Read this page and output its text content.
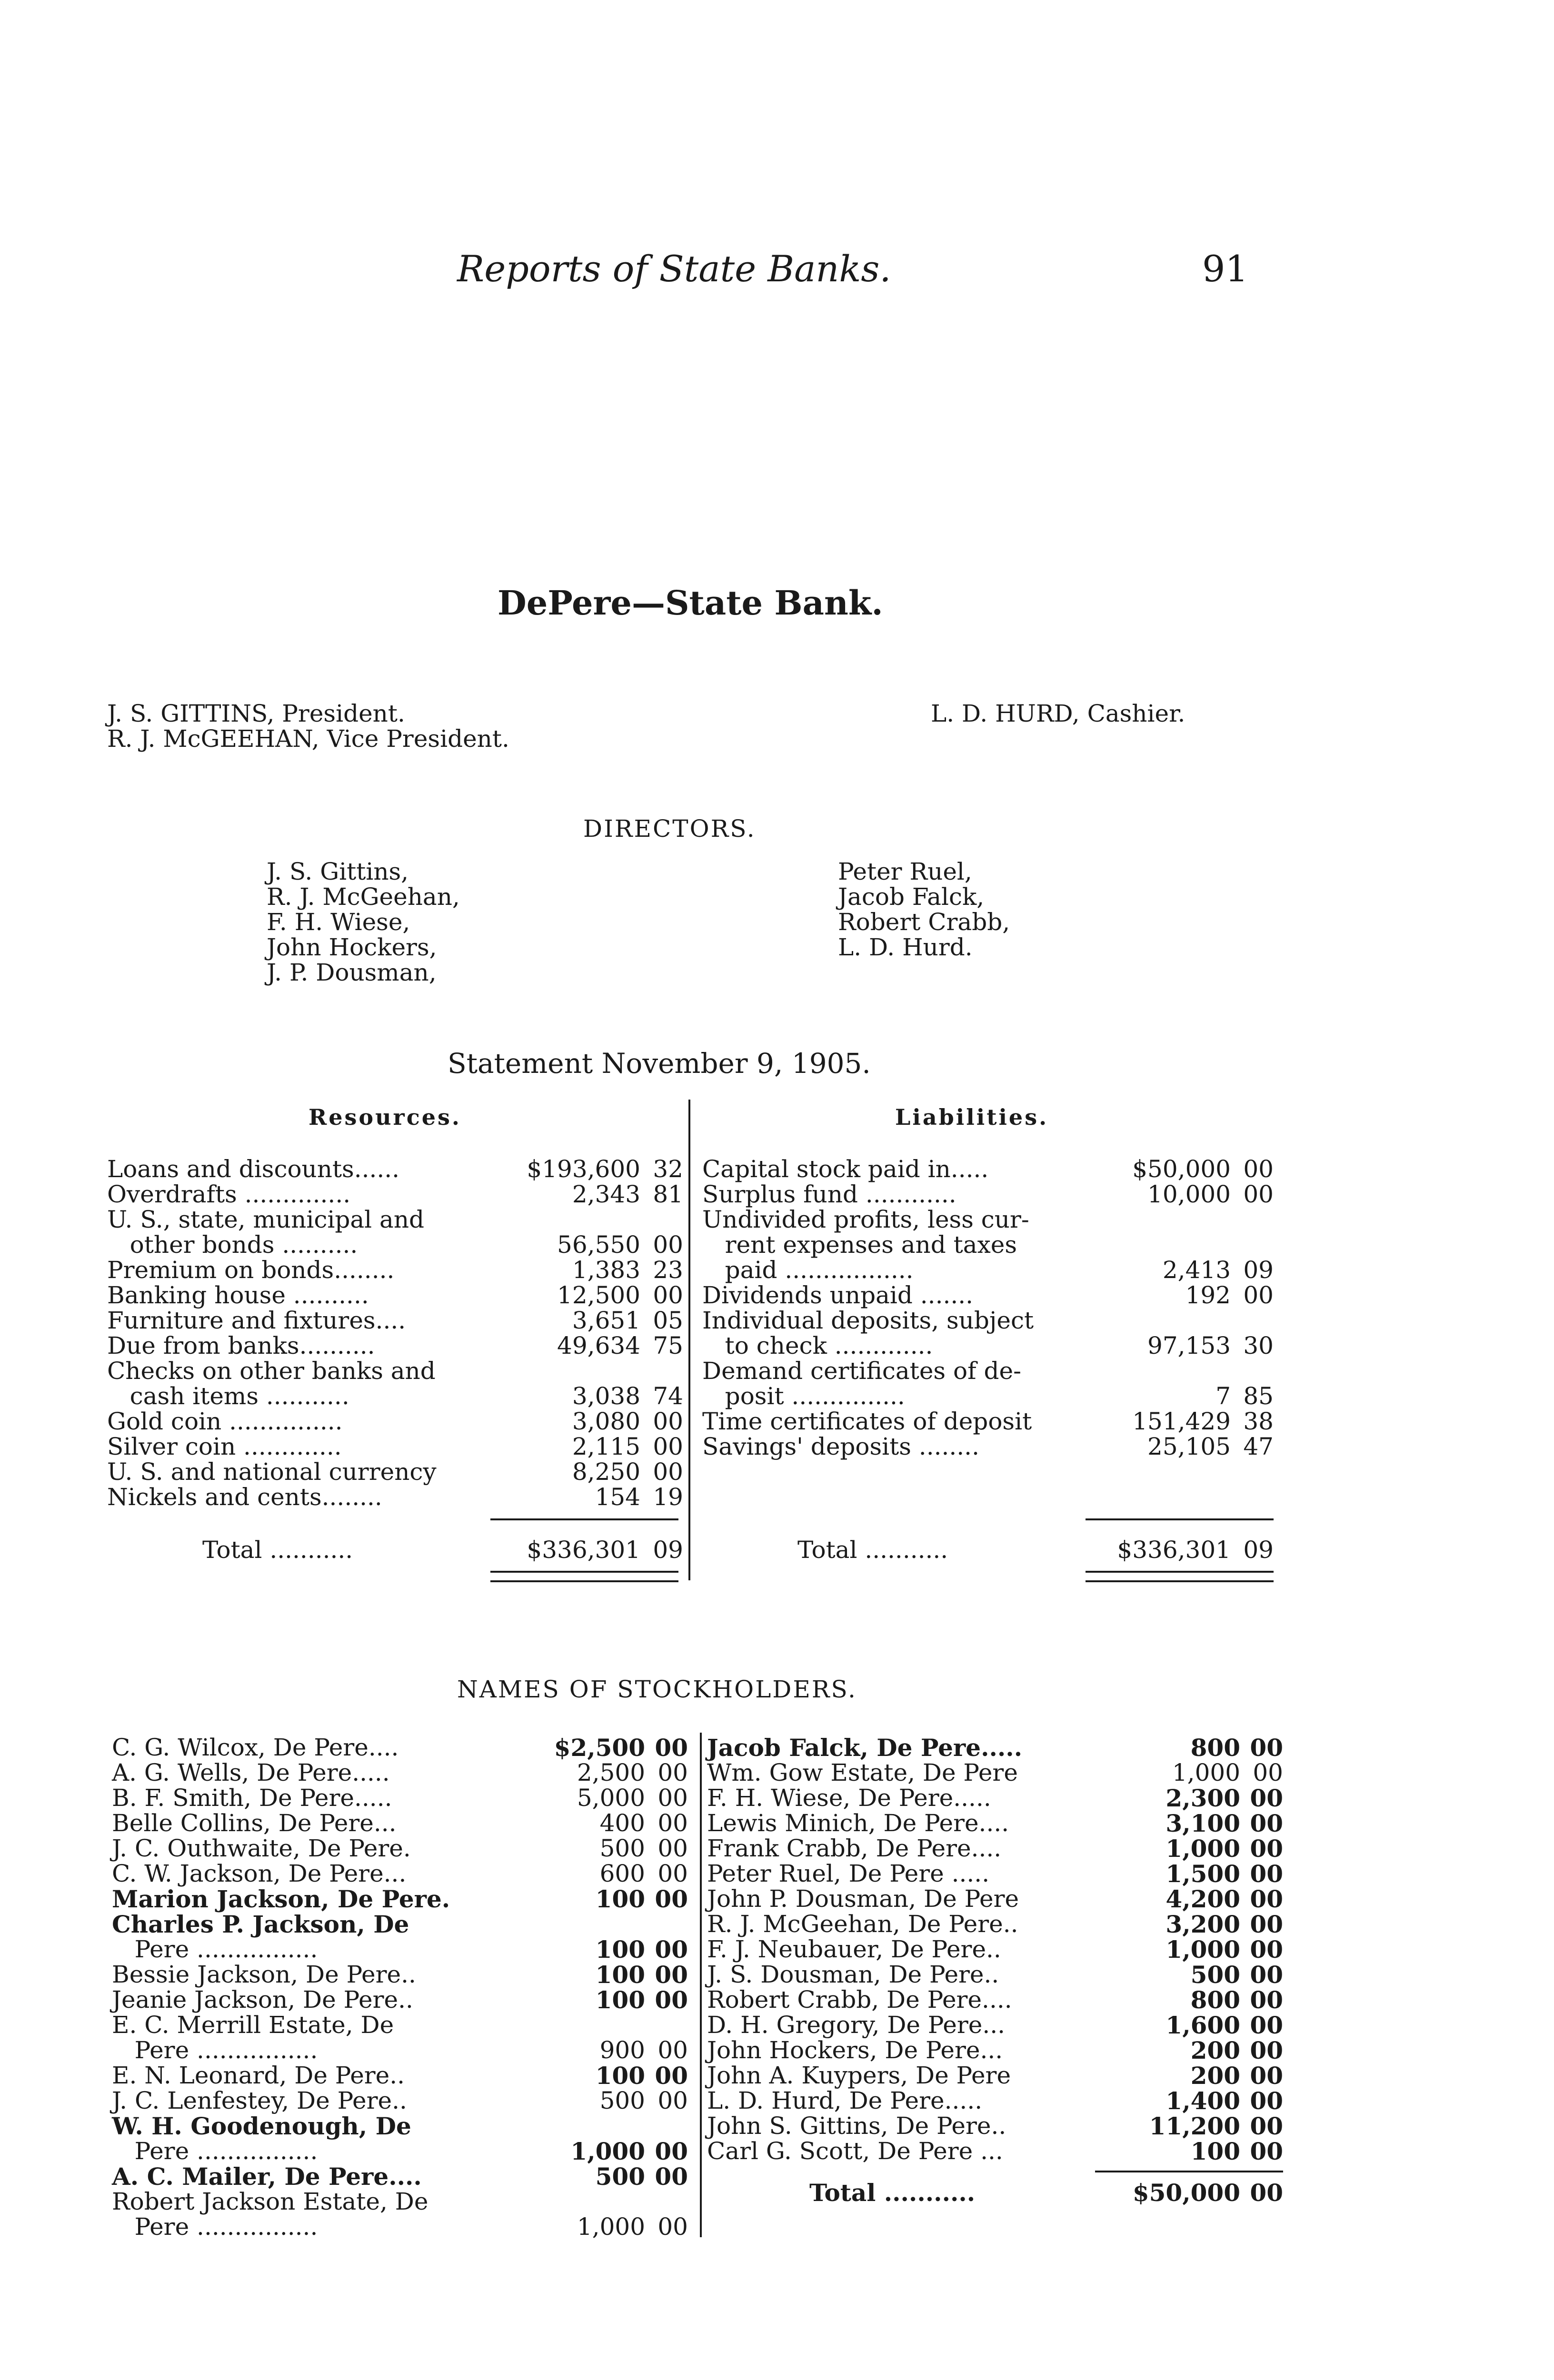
Reports of State Banks.	91
DePere—State Bank.
J. S. GITTINS, President.
R. J. McGEEHAN, Vice President.
L. D. HURD, Cashier.
DIRECTORS.
J. S. Gittins,
R. J. McGeehan,
F. H. Wiese,
John Hockers,
J. P. Dousman,
Peter Ruel,
Jacob Falck,
Robert Crabb,
L. D. Hurd.
Statement November 9, 1905.
Resources.	Liabilities.
Loans and discounts......	$193,600 32
Overdrafts ..............	2,343 81
U. S., state, municipal and
other bonds ..........	56,550 00
Premium on bonds........	1,383 23
Banking house ..........	12,500 00
Furniture and fixtures....	3,651 05
Due from banks..........	49,634 75
Checks on other banks and
cash items ...........	3,038 74
Gold coin ...............	3,080 00
Silver coin .............	2,115 00
U. S. and national currency	8,250 00
Nickels and cents........	154 19
Total ...........	$336,301 09
Capital stock paid in.....	$50,000 00
Surplus fund ............	10,000 00
Undivided profits, less cur-
rent expenses and taxes
paid .................	2,413 09
Dividends unpaid .......	192 00
Individual deposits, subject
to check .............	97,153 30
Demand certificates of de-
posit ...............	7 85
Time certificates of deposit	151,429 38
Savings' deposits ........	25,105 47
Total ...........	$336,301 09
NAMES OF STOCKHOLDERS.
C. G. Wilcox, De Pere....	$2,500 00
A. G. Wells, De Pere.....	2,500 00
B. F. Smith, De Pere.....	5,000 00
Belle Collins, De Pere...	400 00
J. C. Outhwaite, De Pere.	500 00
C. W. Jackson, De Pere...	600 00
Marion Jackson, De Pere.	100 00
Charles P. Jackson, De
Pere ................	100 00
Bessie Jackson, De Pere..	100 00
Jeanie Jackson, De Pere..	100 00
E. C. Merrill Estate, De
Pere ................	900 00
E. N. Leonard, De Pere..	100 00
J. C. Lenfestey, De Pere..	500 00
W. H. Goodenough, De
Pere ................	1,000 00
A. C. Mailer, De Pere....	500 00
Robert Jackson Estate, De
Pere ................	1,000 00
Jacob Falck, De Pere.....	800 00
Wm. Gow Estate, De Pere	1,000 00
F. H. Wiese, De Pere.....	2,300 00
Lewis Minich, De Pere....	3,100 00
Frank Crabb, De Pere....	1,000 00
Peter Ruel, De Pere .....	1,500 00
John P. Dousman, De Pere	4,200 00
R. J. McGeehan, De Pere..	3,200 00
F. J. Neubauer, De Pere..	1,000 00
J. S. Dousman, De Pere..	500 00
Robert Crabb, De Pere....	800 00
D. H. Gregory, De Pere...	1,600 00
John Hockers, De Pere...	200 00
John A. Kuypers, De Pere	200 00
L. D. Hurd, De Pere.....	1,400 00
John S. Gittins, De Pere..	11,200 00
Carl G. Scott, De Pere ...	100 00
Total ...........	$50,000 00
